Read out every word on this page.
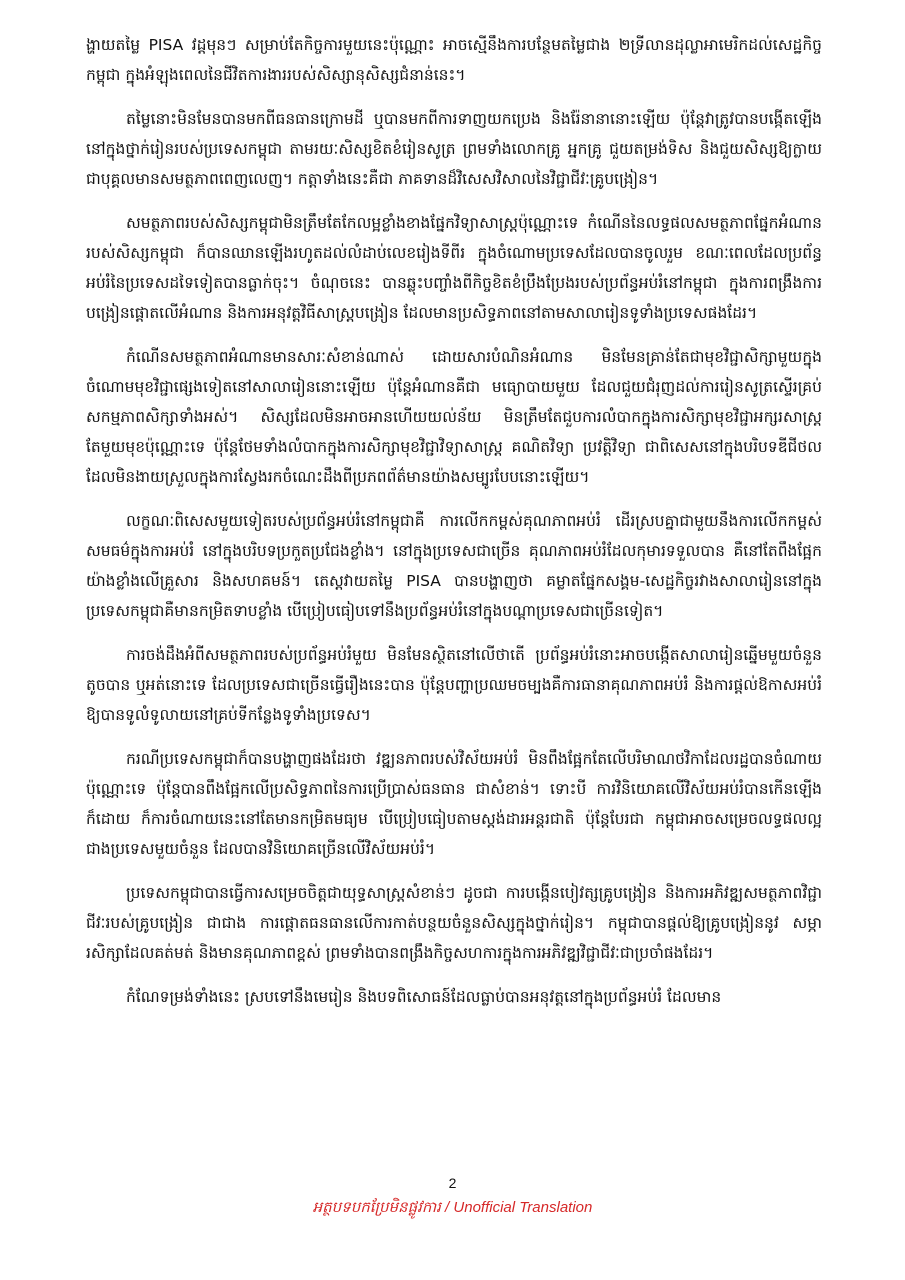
ង្ហាយតម្លៃ PISA វដ្តមុនៗ សម្រាប់តែកិច្ចការមួយនេះប៉ុណ្ណោះ អាចស្មើនឹងការបន្ថែមតម្លៃជាង ២ទ្រីលានដុល្លាអាមេរិកដល់សេដ្ឋកិច្ចកម្ពុជា ក្នុងអំឡុងពេលនៃជីវិតការងាររបស់សិស្សានុសិស្សជំនាន់នេះ។

តម្លៃនោះមិនមែនបានមកពីធនធានក្រោមដី ឬបានមកពីការទាញយកប្រេង និងរ៉ែនានានោះឡើយ ប៉ុន្តែវាត្រូវបានបង្កើតឡើងនៅក្នុងថ្នាក់រៀនរបស់ប្រទេសកម្ពុជា តាមរយៈសិស្សខិតខំរៀនសូត្រ ព្រមទាំងលោកគ្រូ អ្នកគ្រូ ជួយតម្រង់ទិស និងជួយសិស្សឱ្យក្លាយជាបុគ្គលមានសមត្ថភាពពេញលេញ។ កត្តាទាំងនេះគឺជា ភាគទានដ៏វិសេសវិសាលនៃវិជ្ជាជីវៈគ្រូបង្រៀន។

សមត្ថភាពរបស់សិស្សកម្ពុជាមិនត្រឹមតែកែលម្អខ្លាំងខាងផ្នែកវិទ្យាសាស្ត្រប៉ុណ្ណោះទេ កំណើននៃលទ្ធផលសមត្ថភាពផ្នែកអំណានរបស់សិស្សកម្ពុជា ក៏បានឈានឡើងរហូតដល់លំដាប់លេខរៀងទីពីរ ក្នុងចំណោមប្រទេសដែលបានចូលរួម ខណៈពេលដែលប្រព័ន្ធអប់រំនៃប្រទេសដទៃទៀតបានធ្លាក់ចុះ។ ចំណុចនេះ បានឆ្លុះបញ្ចាំងពីកិច្ចខិតខំប្រឹងប្រែងរបស់ប្រព័ន្ធអប់រំនៅកម្ពុជា ក្នុងការពង្រឹងការបង្រៀនផ្តោតលើអំណាន និងការអនុវត្តវិធីសាស្ត្របង្រៀន ដែលមានប្រសិទ្ធភាពនៅតាមសាលារៀនទូទាំងប្រទេសផងដែរ។

កំណើនសមត្ថភាពអំណានមានសារៈសំខាន់ណាស់ ដោយសារបំណិនអំណាន មិនមែនគ្រាន់តែជាមុខវិជ្ជាសិក្សាមួយក្នុងចំណោមមុខវិជ្ជាផ្សេងទៀតនៅសាលារៀននោះឡើយ ប៉ុន្តែអំណានគឺជា មធ្យោបាយមួយ ដែលជួយជំរុញដល់ការរៀនសូត្រស្ទើរគ្រប់សកម្មភាពសិក្សាទាំងអស់។ សិស្សដែលមិនអាចអានហើយយល់ន័យ មិនត្រឹមតែជួបការលំបាកក្នុងការសិក្សាមុខវិជ្ជាអក្សរសាស្ត្រតែមួយមុខប៉ុណ្ណោះទេ ប៉ុន្តែថែមទាំងលំបាកក្នុងការសិក្សាមុខវិជ្ជាវិទ្យាសាស្ត្រ គណិតវិទ្យា ប្រវត្តិវិទ្យា ជាពិសេសនៅក្នុងបរិបទឌីជីថល ដែលមិនងាយស្រួលក្នុងការស្វែងរកចំណេះដឹងពីប្រភពព័ត៌មានយ៉ាងសម្បូរបែបនោះឡើយ។

លក្ខណៈពិសេសមួយទៀតរបស់ប្រព័ន្ធអប់រំនៅកម្ពុជាគឺ ការលើកកម្ពស់គុណភាពអប់រំ ដើរស្របគ្នាជាមួយនឹងការលើកកម្ពស់សមធម៌ក្នុងការអប់រំ នៅក្នុងបរិបទប្រកួតប្រជែងខ្លាំង។ នៅក្នុងប្រទេសជាច្រើន គុណភាពអប់រំដែលកុមារទទួលបាន គឺនៅតែពឹងផ្អែកយ៉ាងខ្លាំងលើគ្រួសារ និងសហគមន៍។ តេស្តវាយតម្លៃ PISA បានបង្ហាញថា គម្លាតផ្នែកសង្គម-សេដ្ឋកិច្ចរវាងសាលារៀននៅក្នុងប្រទេសកម្ពុជាគឺមានកម្រិតទាបខ្លាំង បើប្រៀបធៀបទៅនឹងប្រព័ន្ធអប់រំនៅក្នុងបណ្តាប្រទេសជាច្រើនទៀត។

ការចង់ដឹងអំពីសមត្ថភាពរបស់ប្រព័ន្ធអប់រំមួយ មិនមែនស្ថិតនៅលើថាតើ ប្រព័ន្ធអប់រំនោះអាចបង្កើតសាលារៀនឆ្នើមមួយចំនួនតូចបាន ឬអត់នោះទេ ដែលប្រទេសជាច្រើនធ្វើរឿងនេះបាន ប៉ុន្តែបញ្ហាប្រឈមចម្បងគឺការធានាគុណភាពអប់រំ និងការផ្តល់ឱកាសអប់រំ ឱ្យបានទូលំទូលាយនៅគ្រប់ទីកន្លែងទូទាំងប្រទេស។

ករណីប្រទេសកម្ពុជាក៏បានបង្ហាញផងដែរថា វឌ្ឍនភាពរបស់វិស័យអប់រំ មិនពឹងផ្អែកតែលើបរិមាណថវិកាដែលរដ្ឋបានចំណាយប៉ុណ្ណោះទេ ប៉ុន្តែបានពឹងផ្អែកលើប្រសិទ្ធភាពនៃការប្រើប្រាស់ធនធាន ជាសំខាន់។ ទោះបី ការវិនិយោគលើវិស័យអប់រំបានកើនឡើងក៏ដោយ ក៏ការចំណាយនេះនៅតែមានកម្រិតមធ្យម បើប្រៀបធៀបតាមស្តង់ដារអន្តរជាតិ ប៉ុន្តែបែរជា កម្ពុជាអាចសម្រេចលទ្ធផលល្អជាងប្រទេសមួយចំនួន ដែលបានវិនិយោគច្រើនលើវិស័យអប់រំ។

ប្រទេសកម្ពុជាបានធ្វើការសម្រេចចិត្តជាយុទ្ធសាស្ត្រសំខាន់ៗ ដូចជា ការបង្កើនបៀវត្សគ្រូបង្រៀន និងការអភិវឌ្ឍសមត្ថភាពវិជ្ជាជីវៈរបស់គ្រូបង្រៀន ជាជាង ការផ្តោតធនធានលើការកាត់បន្ថយចំនួនសិស្សក្នុងថ្នាក់រៀន។ កម្ពុជាបានផ្តល់ឱ្យគ្រូបង្រៀននូវ សម្ភារសិក្សាដែលគត់មត់ និងមានគុណភាពខ្ពស់ ព្រមទាំងបានពង្រឹងកិច្ចសហការក្នុងការអភិវឌ្ឍវិជ្ជាជីវៈជាប្រចាំផងដែរ។

កំណែទម្រង់ទាំងនេះ ស្របទៅនឹងមេរៀន និងបទពិសោធន៍ដែលធ្លាប់បានអនុវត្តនៅក្នុងប្រព័ន្ធអប់រំ ដែលមាន

2
អត្ថបទបកប្រែមិនផ្លូវការ / Unofficial Translation
